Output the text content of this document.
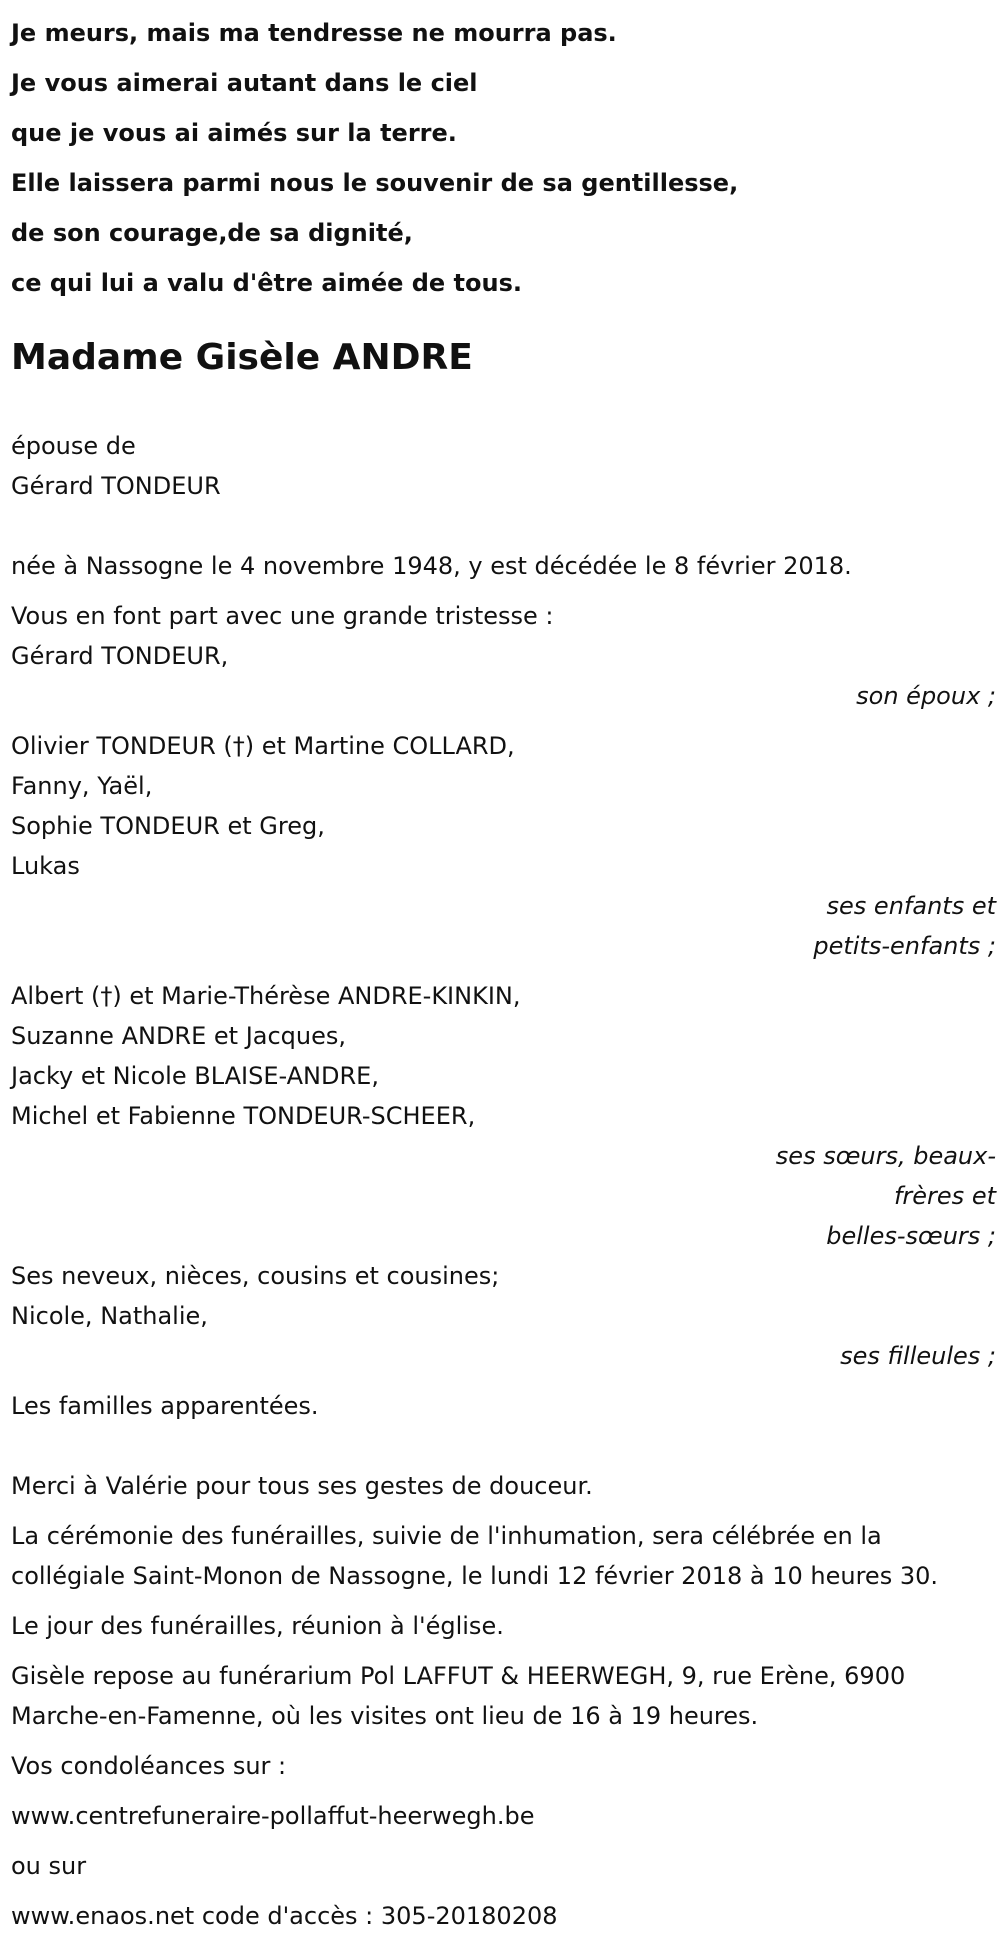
Je meurs, mais ma tendresse ne mourra pas.

Je vous aimerai autant dans le ciel

que je vous ai aimés sur la terre.

Elle laissera parmi nous le souvenir de sa gentillesse,

de son courage,de sa dignité,

ce qui lui a valu d'être aimée de tous.

Madame Gisèle ANDRE

épouse de

Gérard TONDEUR

née à Nassogne le 4 novembre 1948, y est décédée le 8 février 2018.

Vous en font part avec une grande tristesse :

Gérard TONDEUR,

son époux ;

Olivier TONDEUR (†) et Martine COLLARD,

Fanny, Yaël,

Sophie TONDEUR et Greg,

Lukas

ses enfants et

petits-enfants ;

Albert (†) et Marie-Thérèse ANDRE-KINKIN,

Suzanne ANDRE et Jacques,

Jacky et Nicole BLAISE-ANDRE,

Michel et Fabienne TONDEUR-SCHEER,

ses sœurs, beaux-

frères et

belles-sœurs ;

Ses neveux, nièces, cousins et cousines;

Nicole, Nathalie,

ses filleules ;

Les familles apparentées.

Merci à Valérie pour tous ses gestes de douceur.

La cérémonie des funérailles, suivie de l'inhumation, sera célébrée en la collégiale Saint-Monon de Nassogne, le lundi 12 février 2018 à 10 heures 30.

Le jour des funérailles, réunion à l'église.

Gisèle repose au funérarium Pol LAFFUT & HEERWEGH, 9, rue Erène, 6900 Marche-en-Famenne, où les visites ont lieu de 16 à 19 heures.

Vos condoléances sur :

www.centrefuneraire-pollaffut-heerwegh.be

ou sur

www.enaos.net code d'accès : 305-20180208
